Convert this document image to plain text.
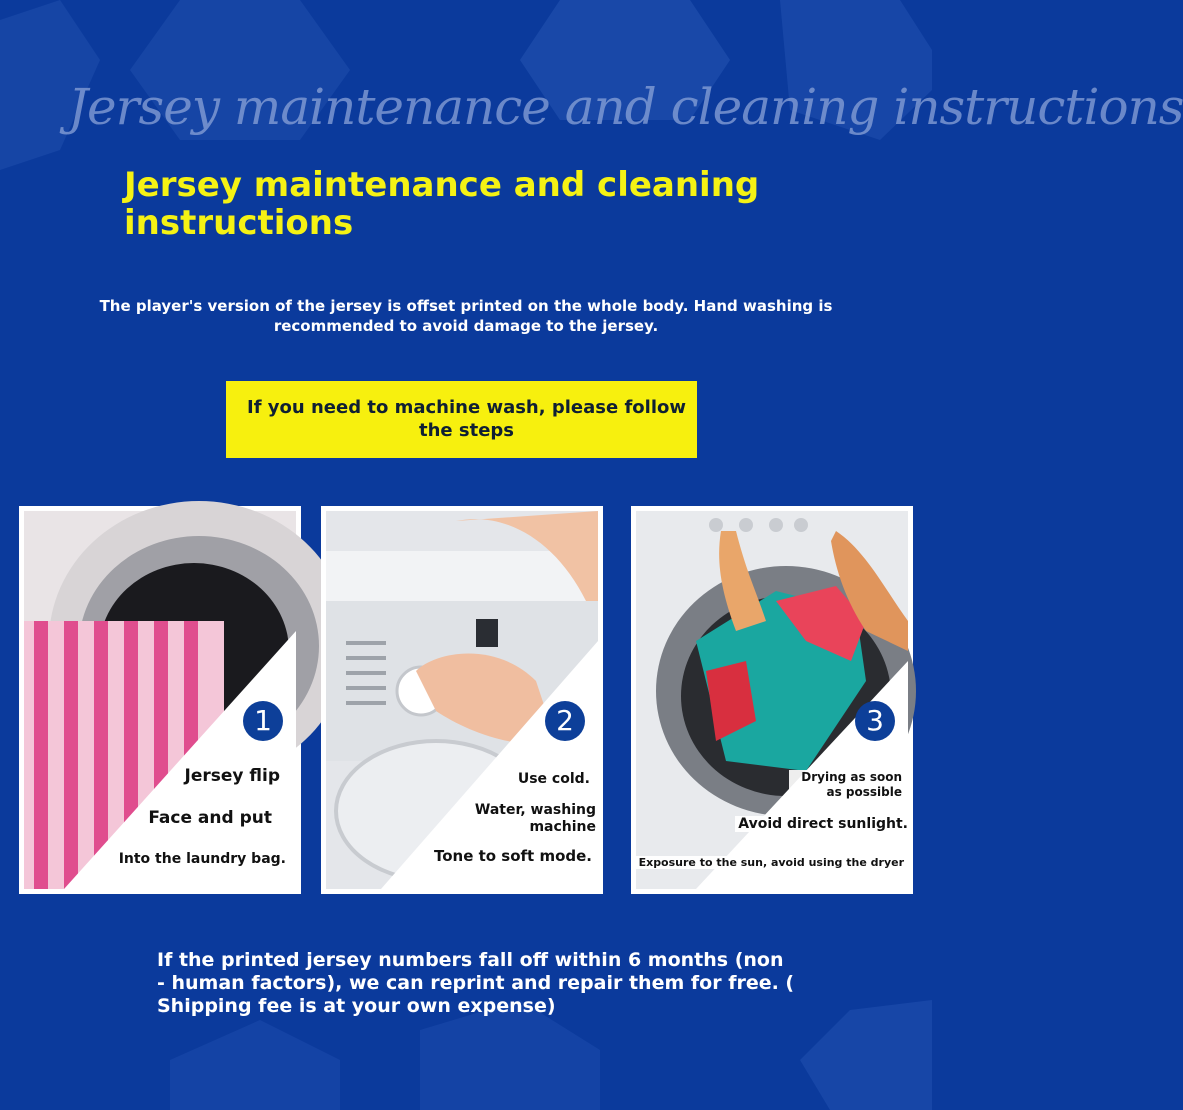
Jersey maintenance and cleaning instructions
Jersey maintenance and cleaning instructions
The player's version of the jersey is offset printed on the whole body. Hand washing is recommended to avoid damage to the jersey.
If you need to machine wash, please follow the steps
1
Jersey flip
Face and put
Into the laundry bag.
2
Use cold.
Water, washing machine
Tone to soft mode.
3
Drying as soon as possible
Avoid direct sunlight.
Exposure to the sun, avoid using the dryer
If the printed jersey numbers fall off within 6 months (non - human factors), we can reprint and repair them for free. ( Shipping fee is at your own expense)
